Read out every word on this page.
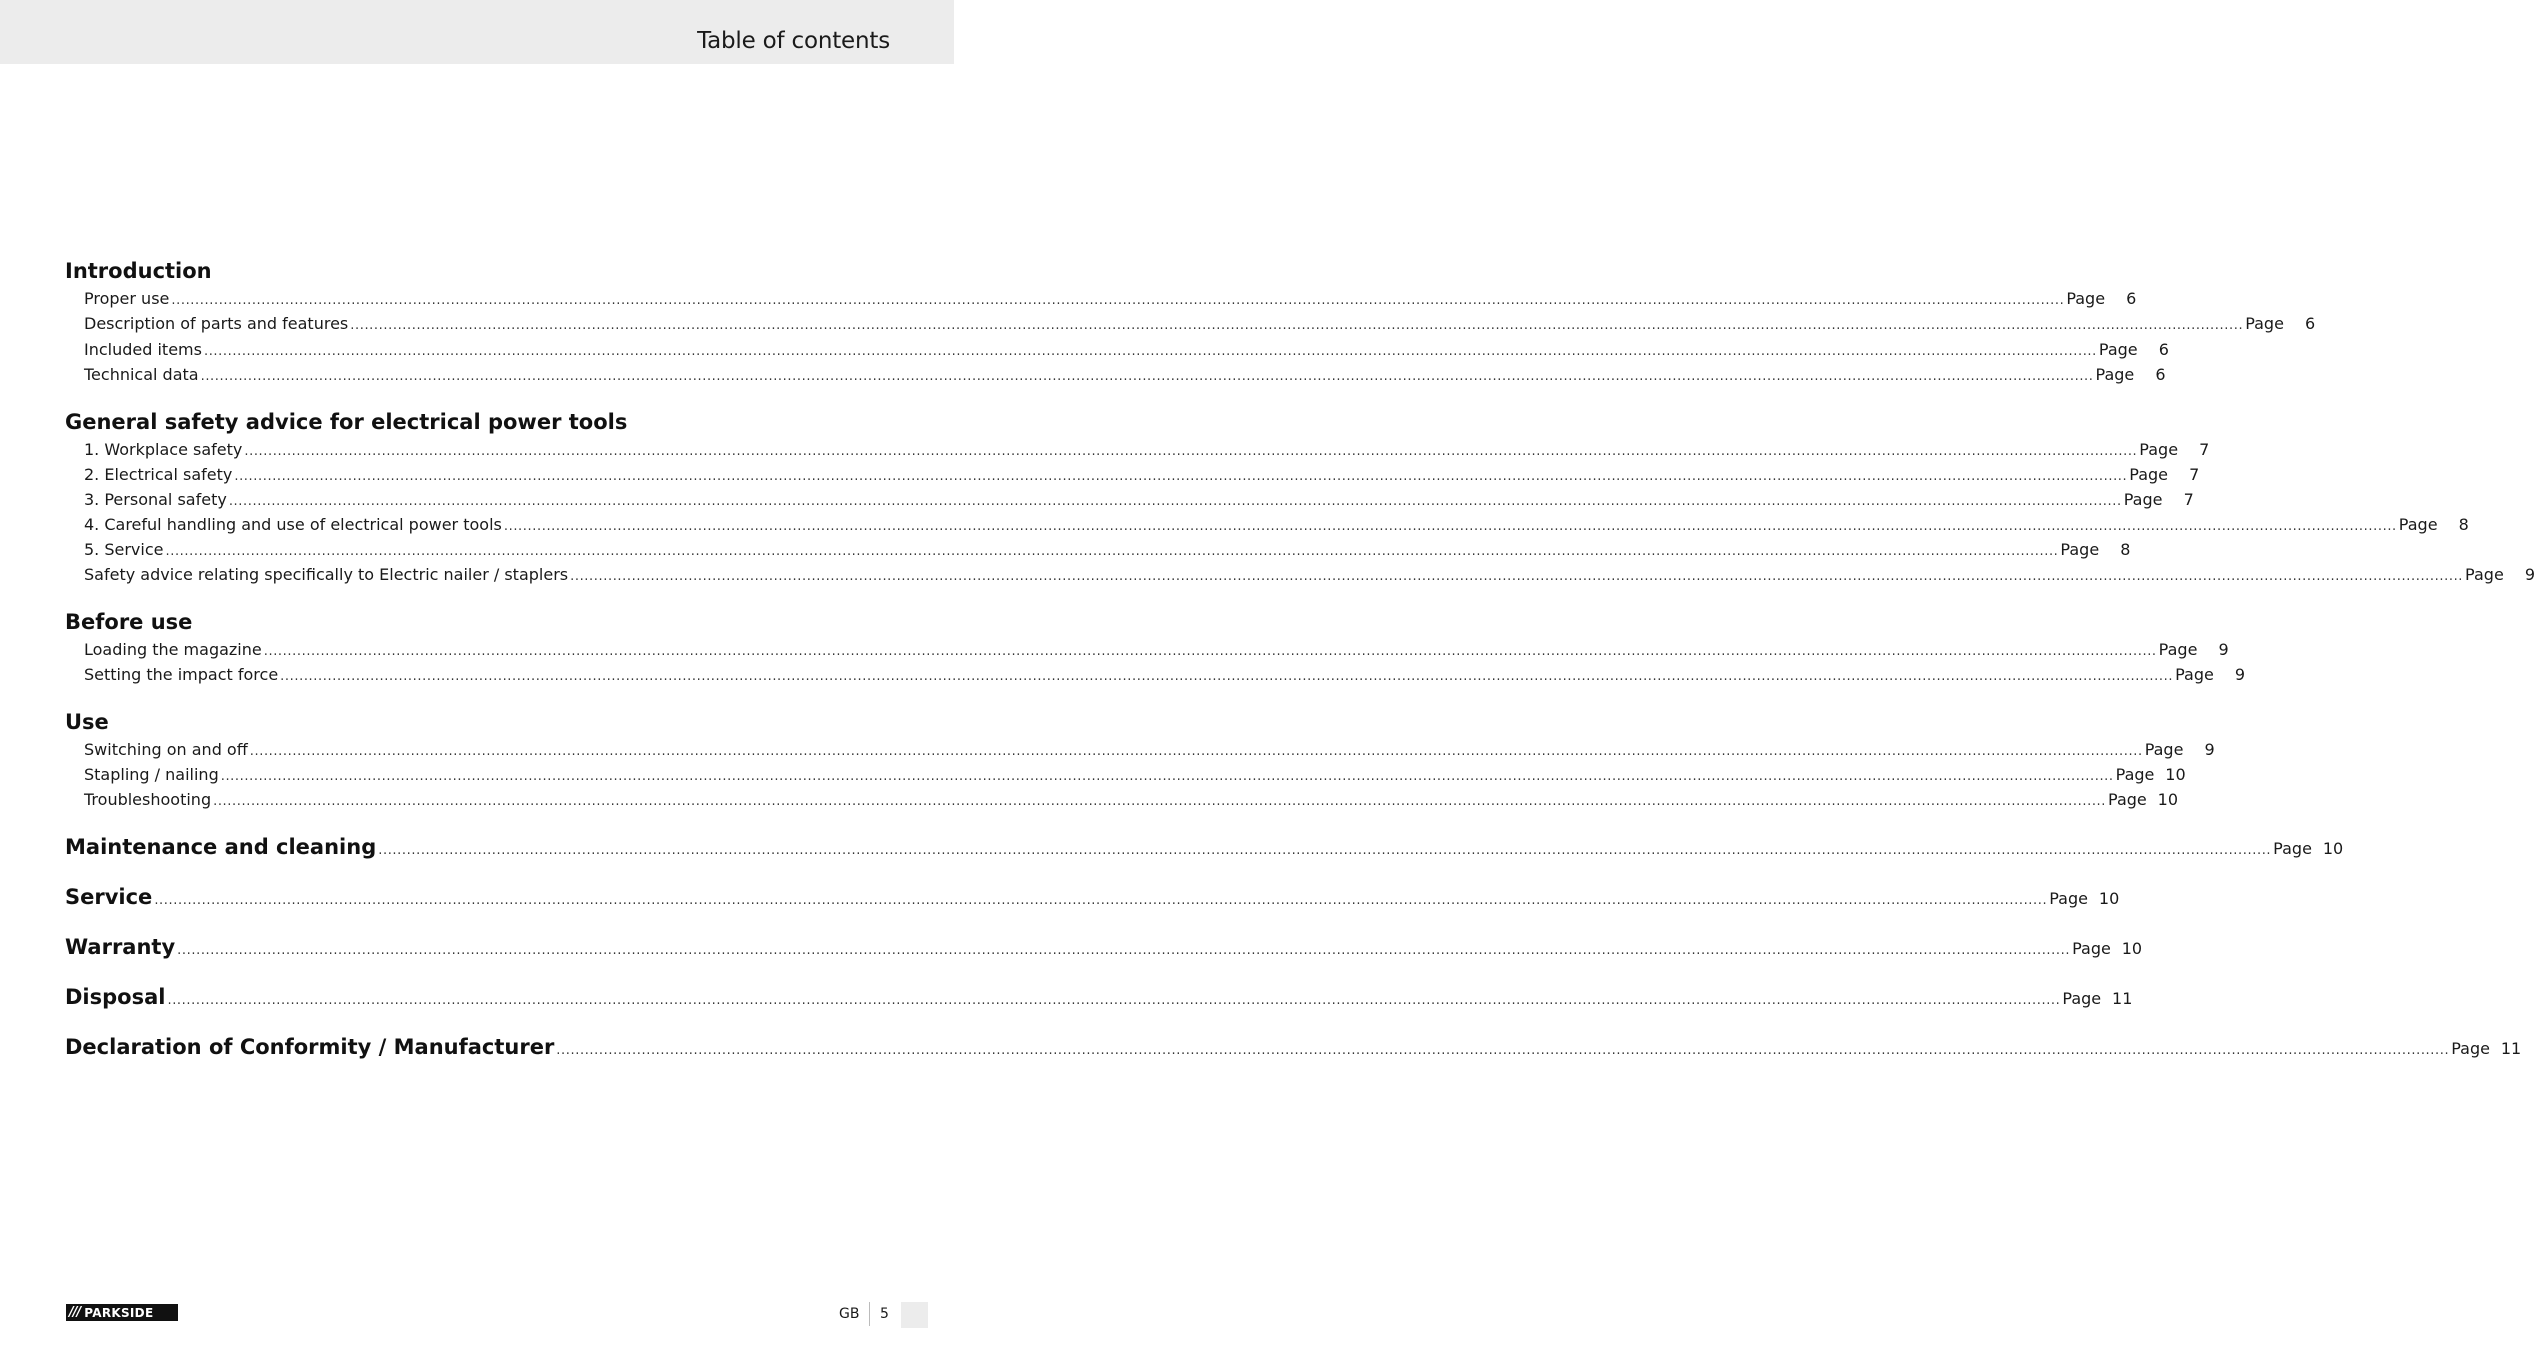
Table of contents
Introduction
Proper use ................................................................................................................................................................................................................................................................................................................................................................................................................ Page	6
Description of parts and features ................................................................................................................................................................................................................................................................................................................................................................................................................ Page	6
Included items ................................................................................................................................................................................................................................................................................................................................................................................................................ Page	6
Technical data ................................................................................................................................................................................................................................................................................................................................................................................................................ Page	6
General safety advice for electrical power tools
1. Workplace safety ................................................................................................................................................................................................................................................................................................................................................................................................................ Page	7
2. Electrical safety ................................................................................................................................................................................................................................................................................................................................................................................................................ Page	7
3. Personal safety ................................................................................................................................................................................................................................................................................................................................................................................................................ Page	7
4. Careful handling and use of electrical power tools ................................................................................................................................................................................................................................................................................................................................................................................................................ Page	8
5. Service ................................................................................................................................................................................................................................................................................................................................................................................................................ Page	8
Safety advice relating specifically to Electric nailer / staplers ................................................................................................................................................................................................................................................................................................................................................................................................................ Page	9
Before use
Loading the magazine ................................................................................................................................................................................................................................................................................................................................................................................................................ Page	9
Setting the impact force ................................................................................................................................................................................................................................................................................................................................................................................................................ Page	9
Use
Switching on and off ................................................................................................................................................................................................................................................................................................................................................................................................................ Page	9
Stapling / nailing ................................................................................................................................................................................................................................................................................................................................................................................................................ Page 10
Troubleshooting ................................................................................................................................................................................................................................................................................................................................................................................................................ Page 10
Maintenance and cleaning ................................................................................................................................................................................................................................................................................................................................................................................................................ Page 10
Service ................................................................................................................................................................................................................................................................................................................................................................................................................ Page 10
Warranty ................................................................................................................................................................................................................................................................................................................................................................................................................ Page 10
Disposal ................................................................................................................................................................................................................................................................................................................................................................................................................ Page 11
Declaration of Conformity / Manufacturer ................................................................................................................................................................................................................................................................................................................................................................................................................ Page 11
/// PARKSIDE	GB 5
